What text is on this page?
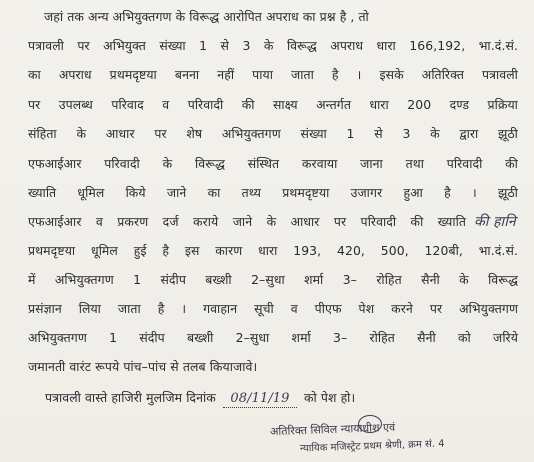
जहां तक अन्य अभियुक्तगण के विरूद्ध आरोपित अपराध का प्रश्न है , तो
पत्रावली पर अभियुक्त संख्या 1 से 3 के विरूद्ध अपराध धारा 166,192, भा.दं.सं.
का अपराध प्रथमदृष्टया बनना नहीं पाया जाता है । इसके अतिरिक्त पत्रावली
पर उपलब्ध परिवाद व परिवादी की साक्ष्य अन्तर्गत धारा 200 दण्ड प्रक्रिया
संहिता के आधार पर शेष अभियुक्तगण संख्या 1 से 3 के द्वारा झूठी
एफआईआर परिवादी के विरूद्ध संस्थित करवाया जाना तथा परिवादी की
ख्याति धूमिल किये जाने का तथ्य प्रथमदृष्टया उजागर हुआ है । झूठी
एफआईआर व प्रकरण दर्ज कराये जाने के आधार पर परिवादी की ख्याति की हानि
प्रथमदृष्टया धूमिल हुई है इस कारण धारा 193, 420, 500, 120बी, भा.दं.सं.
में अभियुक्तगण 1 संदीप बख्शी 2–सुधा शर्मा 3– रोहित सैनी के विरूद्ध
प्रसंज्ञान लिया जाता है । गवाहान सूची व पीएफ पेश करने पर अभियुक्तगण
अभियुक्तगण 1 संदीप बख्शी 2–सुधा शर्मा 3– रोहित सैनी को जरिये
जमानती वारंट रूपये पांच–पांच से तलब कियाजावे।
पत्रावली वास्ते हाजिरी मुलजिम दिनांक 08/11/19 को पेश हो।
अतिरिक्त सिविल न्यायाधीश एवं
न्यायिक मजिस्ट्रेट प्रथम श्रेणी, क्रम सं. 4
